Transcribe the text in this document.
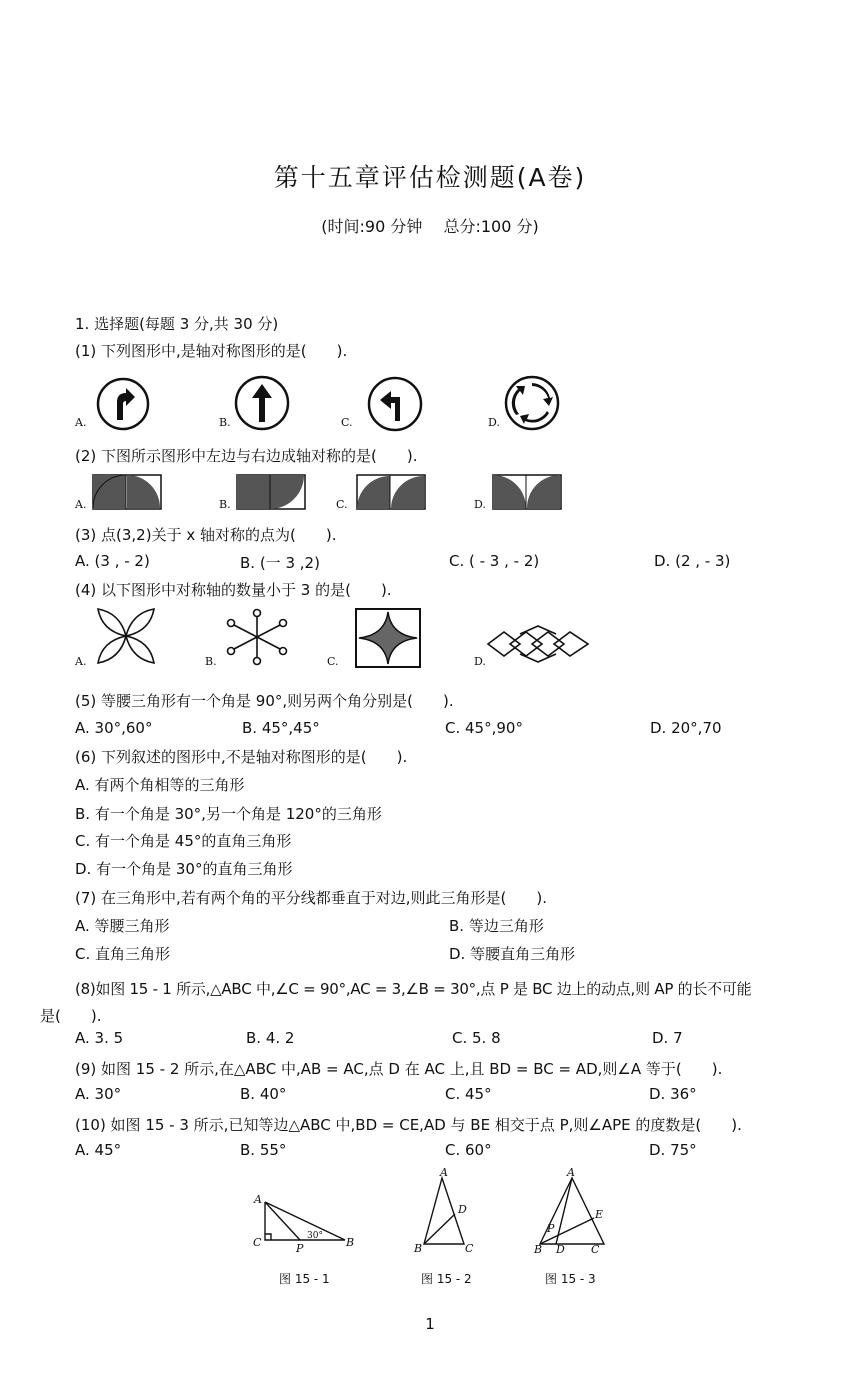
第十五章评估检测题(A卷)
(时间:90 分钟　 总分:100 分)
1. 选择题(每题 3 分,共 30 分)
(1) 下列图形中,是轴对称图形的是(　　).
A.	B.	C.	D.
(2) 下图所示图形中左边与右边成轴对称的是(　　).
A.	B.	C.	D.
(3) 点(3,2)关于 x 轴对称的点为(　　).
A. (3 , - 2)	B. (一 3 ,2)	C. ( - 3 , - 2)	D. (2 , - 3)
(4) 以下图形中对称轴的数量小于 3 的是(　　).
A.	B.	C.	D.
(5) 等腰三角形有一个角是 90°,则另两个角分别是(　　).
A. 30°,60°	B. 45°,45°	C. 45°,90°	D. 20°,70
(6) 下列叙述的图形中,不是轴对称图形的是(　　).
A. 有两个角相等的三角形
B. 有一个角是 30°,另一个角是 120°的三角形
C. 有一个角是 45°的直角三角形
D. 有一个角是 30°的直角三角形
(7) 在三角形中,若有两个角的平分线都垂直于对边,则此三角形是(　　).
A. 等腰三角形	B. 等边三角形
C. 直角三角形	D. 等腰直角三角形
(8)如图 15 - 1 所示,△ABC 中,∠C = 90°,AC = 3,∠B = 30°,点 P 是 BC 边上的动点,则 AP 的长不可能
是(　　).
A. 3. 5	B. 4. 2	C. 5. 8	D. 7
(9) 如图 15 - 2 所示,在△ABC 中,AB = AC,点 D 在 AC 上,且 BD = BC = AD,则∠A 等于(　　).
A. 30°	B. 40°	C. 45°	D. 36°
(10) 如图 15 - 3 所示,已知等边△ABC 中,BD = CE,AD 与 BE 相交于点 P,则∠APE 的度数是(　　).
A. 45°	B. 55°	C. 60°	D. 75°
A
C	P	B
30°
图 15 - 1
A
D
B	C
图 15 - 2
A
E
P
B D C
图 15 - 3
1
